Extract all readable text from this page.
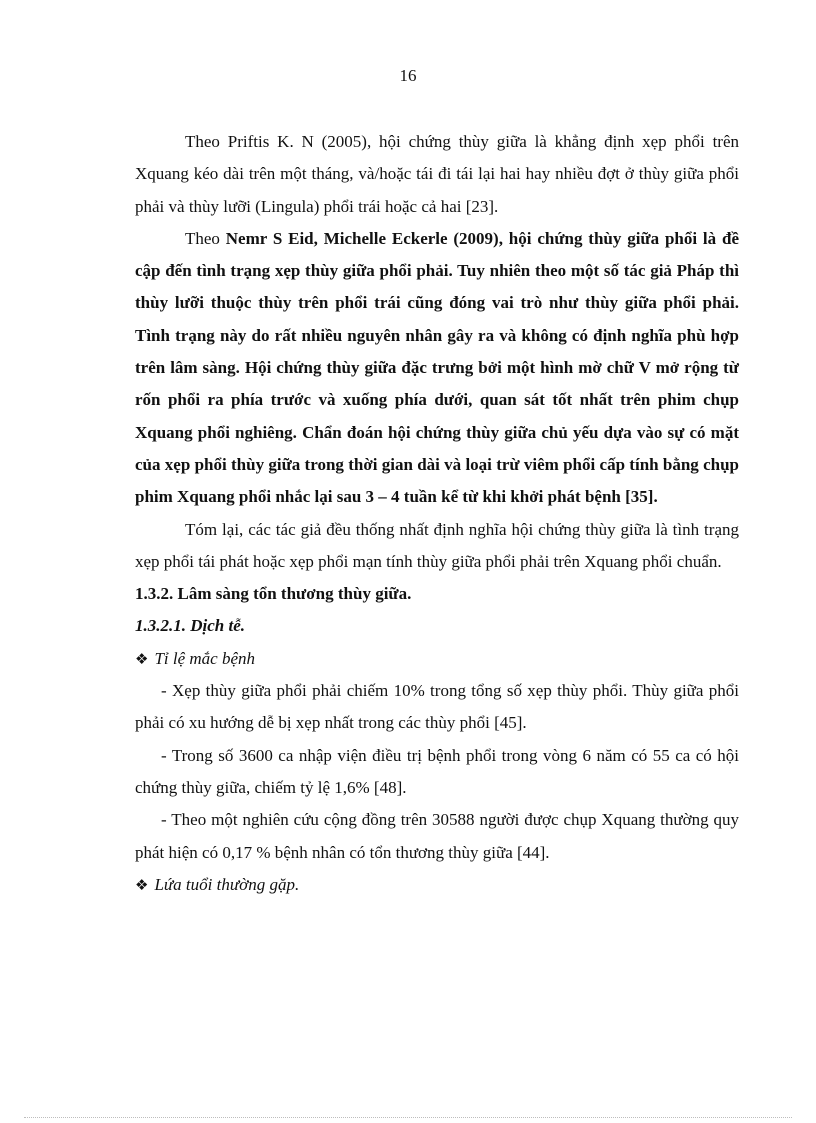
16

Theo Priftis K. N (2005), hội chứng thùy giữa là khẳng định xẹp phổi trên Xquang kéo dài trên một tháng, và/hoặc tái đi tái lại hai hay nhiều đợt ở thùy giữa phổi phải và thùy lưỡi (Lingula) phổi trái hoặc cả hai [23].

Theo Nemr S Eid, Michelle Eckerle (2009), hội chứng thùy giữa phổi là đề cập đến tình trạng xẹp thùy giữa phổi phải. Tuy nhiên theo một số tác giả Pháp thì thùy lưỡi thuộc thùy trên phổi trái cũng đóng vai trò như thùy giữa phổi phải. Tình trạng này do rất nhiều nguyên nhân gây ra và không có định nghĩa phù hợp trên lâm sàng. Hội chứng thùy giữa đặc trưng bởi một hình mờ chữ V mở rộng từ rốn phổi ra phía trước và xuống phía dưới, quan sát tốt nhất trên phim chụp Xquang phổi nghiêng. Chẩn đoán hội chứng thùy giữa chủ yếu dựa vào sự có mặt của xẹp phổi thùy giữa trong thời gian dài và loại trừ viêm phổi cấp tính bằng chụp phim Xquang phổi nhắc lại sau 3 – 4 tuần kể từ khi khởi phát bệnh [35].

Tóm lại, các tác giả đều thống nhất định nghĩa hội chứng thùy giữa là tình trạng xẹp phổi tái phát hoặc xẹp phổi mạn tính thùy giữa phổi phải trên Xquang phổi chuẩn.

1.3.2. Lâm sàng tổn thương thùy giữa.

1.3.2.1. Dịch tễ.

❖ Tỉ lệ mắc bệnh

- Xẹp thùy giữa phổi phải chiếm 10% trong tổng số xẹp thùy phổi. Thùy giữa phổi phải có xu hướng dễ bị xẹp nhất trong các thùy phổi [45].

- Trong số 3600 ca nhập viện điều trị bệnh phổi trong vòng 6 năm có 55 ca có hội chứng thùy giữa, chiếm tỷ lệ 1,6% [48].

- Theo một nghiên cứu cộng đồng trên 30588 người được chụp Xquang thường quy phát hiện có 0,17 % bệnh nhân có tổn thương thùy giữa [44].

❖ Lứa tuổi thường gặp.
